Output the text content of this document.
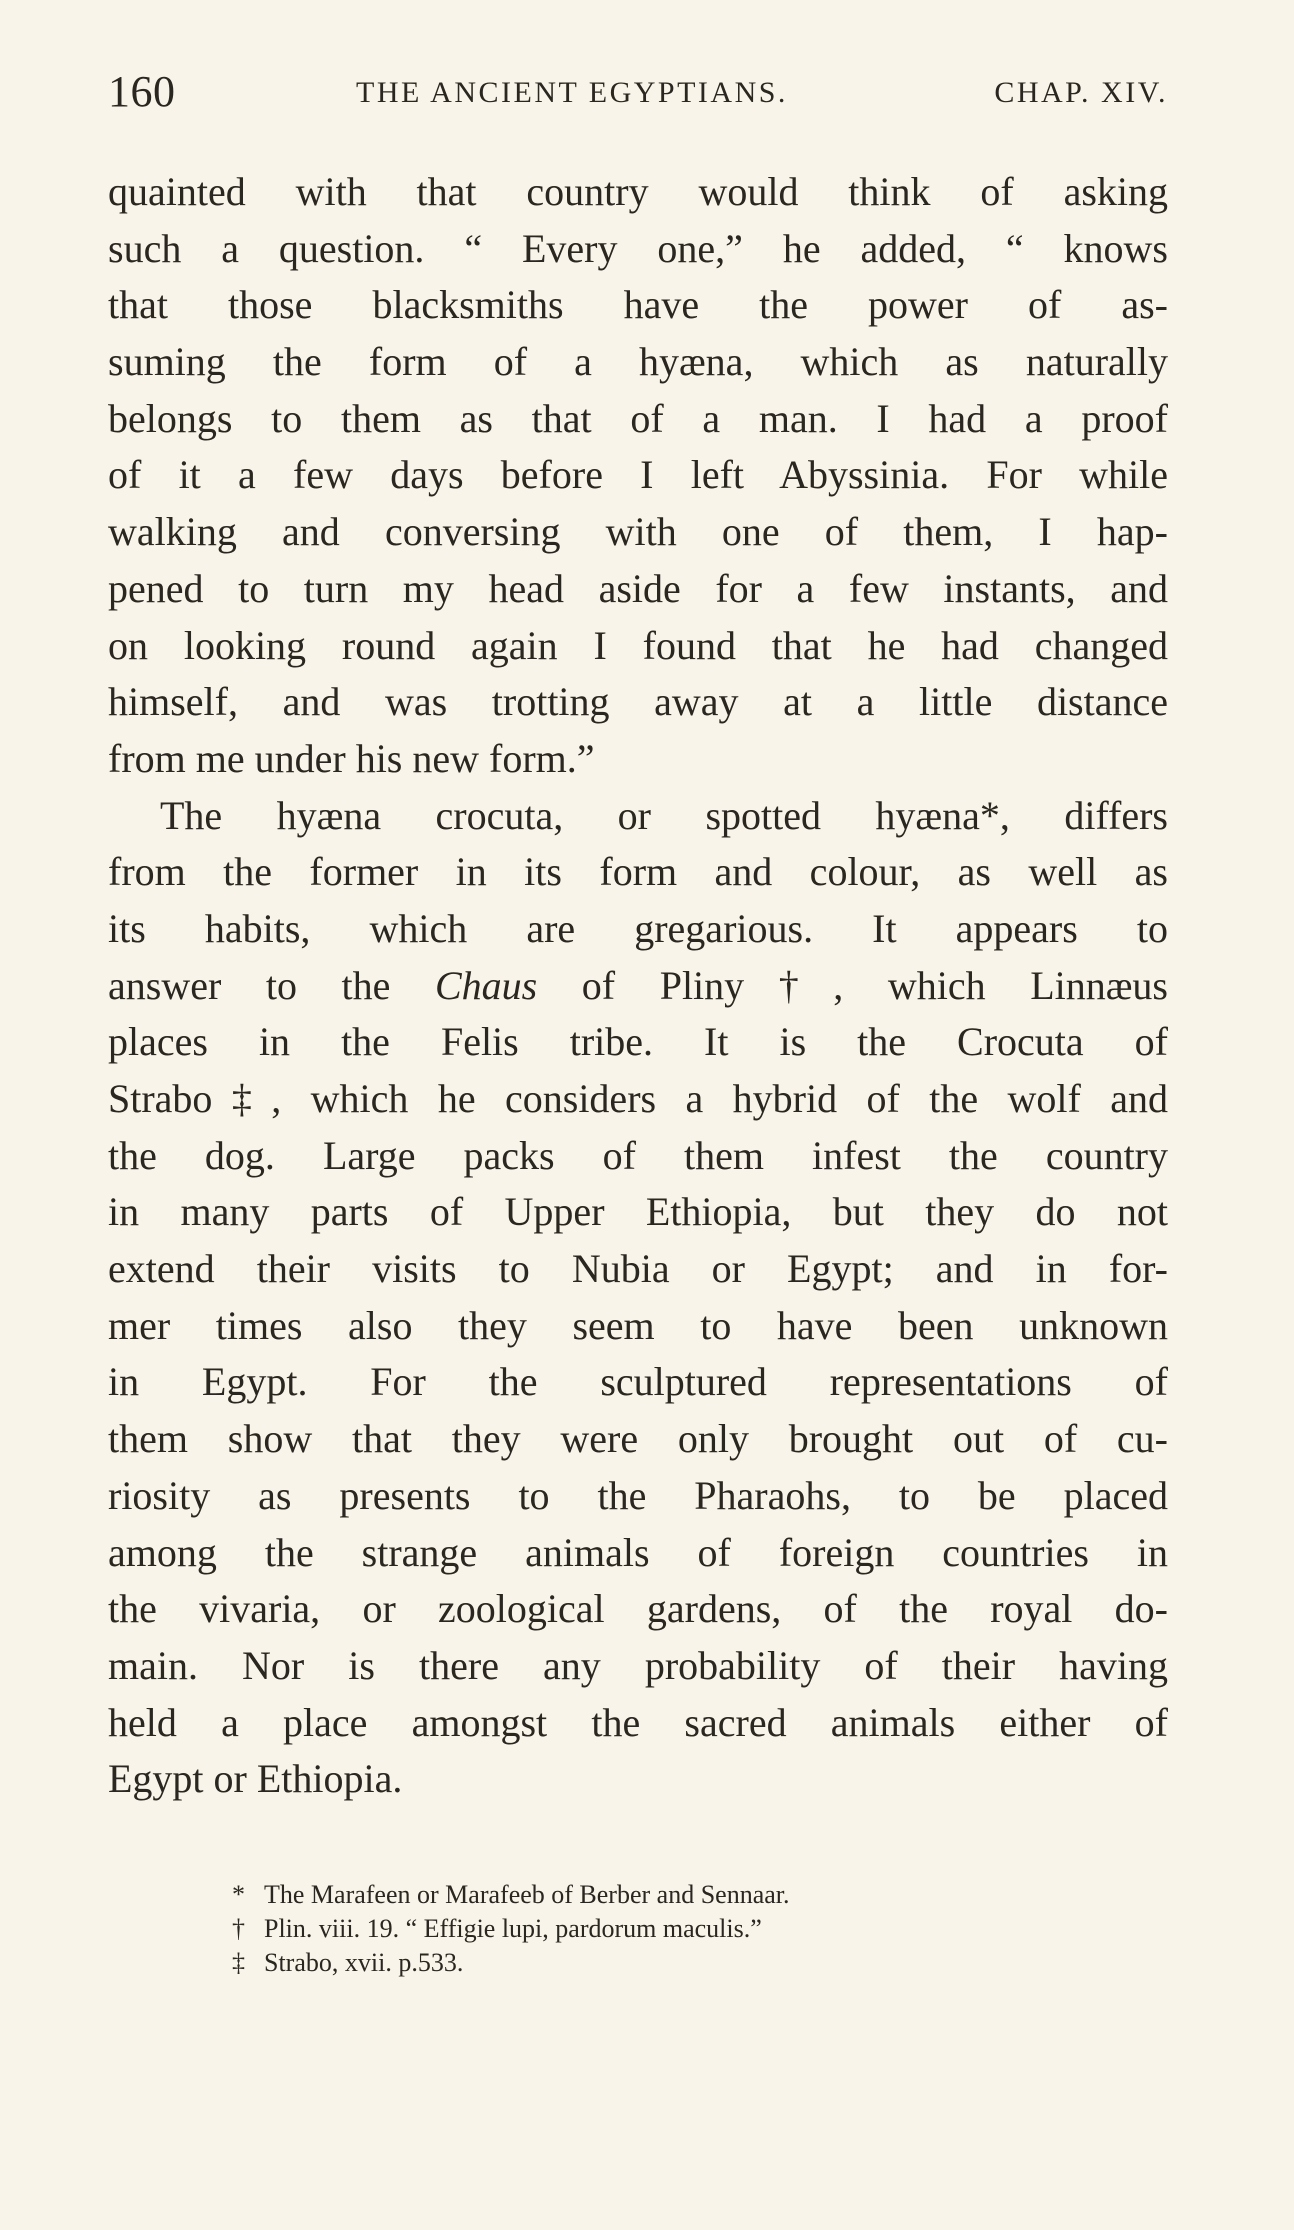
160	THE ANCIENT EGYPTIANS.	CHAP. XIV.
quainted with that country would think of asking
such a question. “ Every one,” he added, “ knows
that those blacksmiths have the power of as-
suming the form of a hyæna, which as naturally
belongs to them as that of a man. I had a proof
of it a few days before I left Abyssinia. For while
walking and conversing with one of them, I hap-
pened to turn my head aside for a few instants, and
on looking round again I found that he had changed
himself, and was trotting away at a little distance
from me under his new form.”
The hyæna crocuta, or spotted hyæna*, differs
from the former in its form and colour, as well as
its habits, which are gregarious. It appears to
answer to the Chaus of Pliny†, which Linnæus
places in the Felis tribe. It is the Crocuta of
Strabo‡, which he considers a hybrid of the wolf and
the dog. Large packs of them infest the country
in many parts of Upper Ethiopia, but they do not
extend their visits to Nubia or Egypt; and in for-
mer times also they seem to have been unknown
in Egypt. For the sculptured representations of
them show that they were only brought out of cu-
riosity as presents to the Pharaohs, to be placed
among the strange animals of foreign countries in
the vivaria, or zoological gardens, of the royal do-
main. Nor is there any probability of their having
held a place amongst the sacred animals either of
Egypt or Ethiopia.
* The Marafeen or Marafeeb of Berber and Sennaar.
† Plin. viii. 19. “ Effigie lupi, pardorum maculis.”
‡ Strabo, xvii. p.533.
